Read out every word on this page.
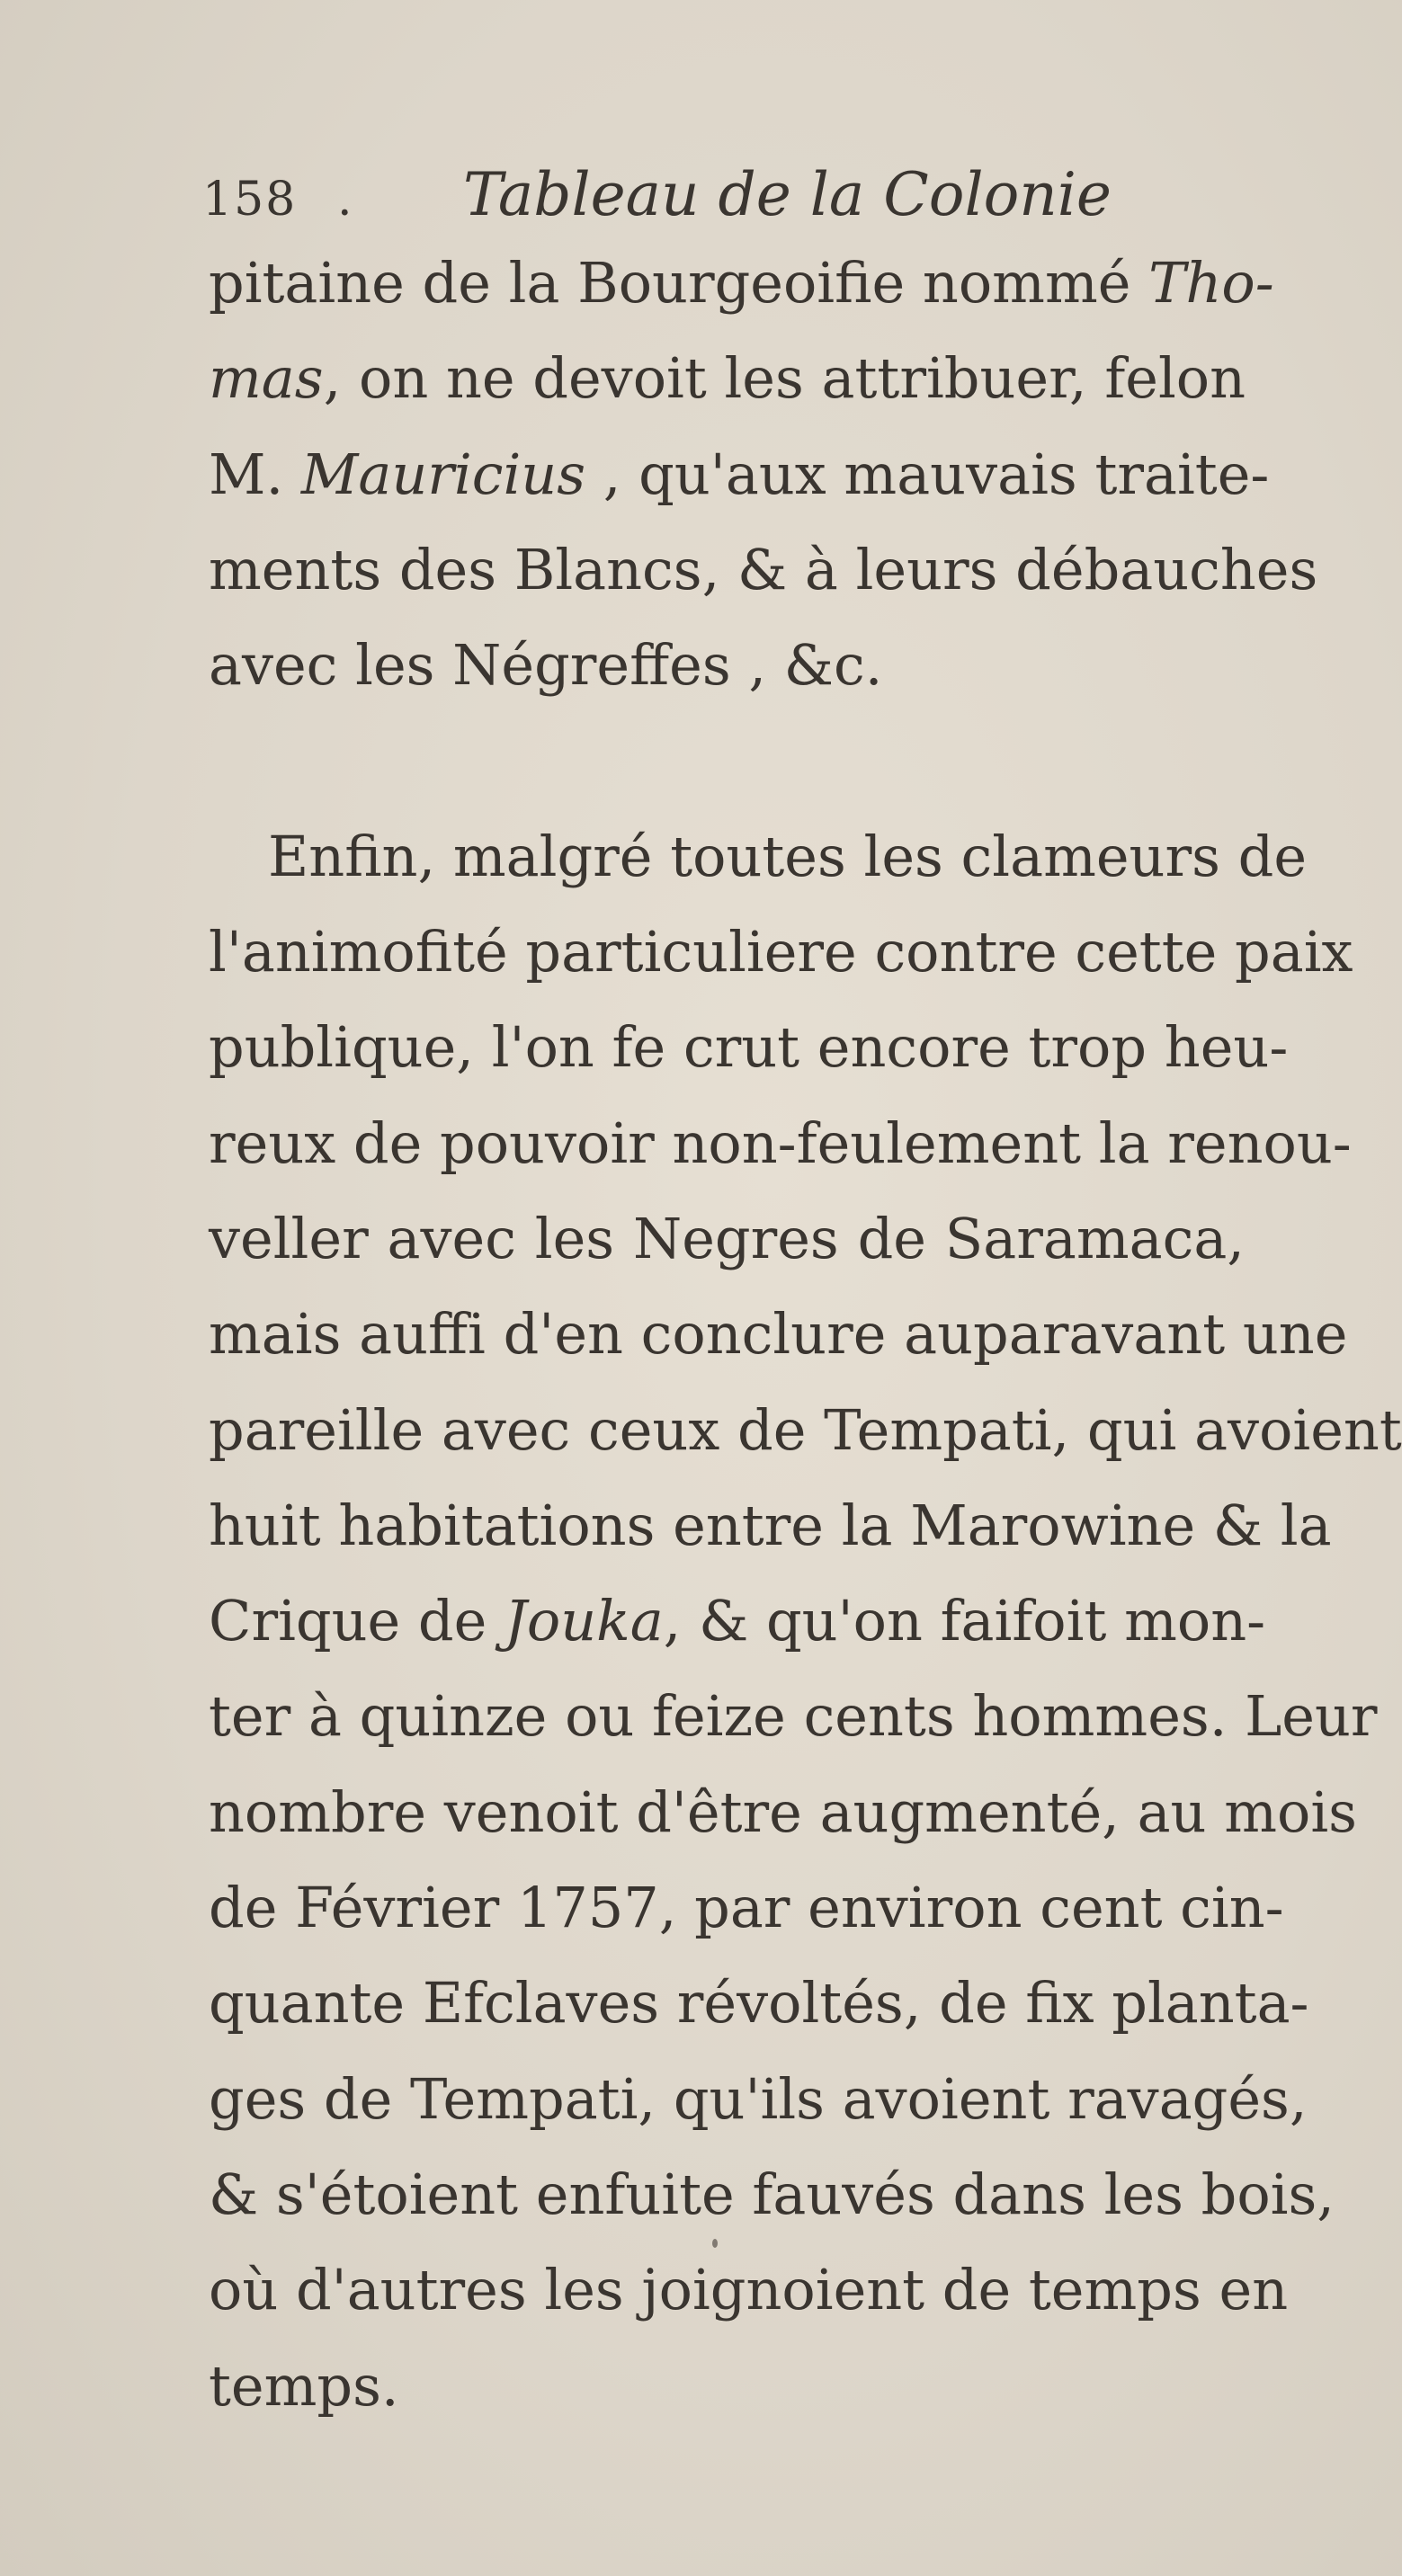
158 . Tableau de la Colonie
pitaine de la Bourgeoifie nommé Tho-
mas, on ne devoit les attribuer, felon
M. Mauricius , qu'aux mauvais traite-
ments des Blancs, & à leurs débauches
avec les Négreffes , &c.
Enfin, malgré toutes les clameurs de
l'animofité particuliere contre cette paix
publique, l'on fe crut encore trop heu-
reux de pouvoir non-feulement la renou-
veller avec les Negres de Saramaca,
mais auffi d'en conclure auparavant une
pareille avec ceux de Tempati, qui avoient
huit habitations entre la Marowine & la
Crique de Jouka, & qu'on faifoit mon-
ter à quinze ou feize cents hommes. Leur
nombre venoit d'être augmenté, au mois
de Février 1757, par environ cent cin-
quante Efclaves révoltés, de fix planta-
ges de Tempati, qu'ils avoient ravagés,
& s'étoient enfuite fauvés dans les bois,
où d'autres les joignoient de temps en
temps.
